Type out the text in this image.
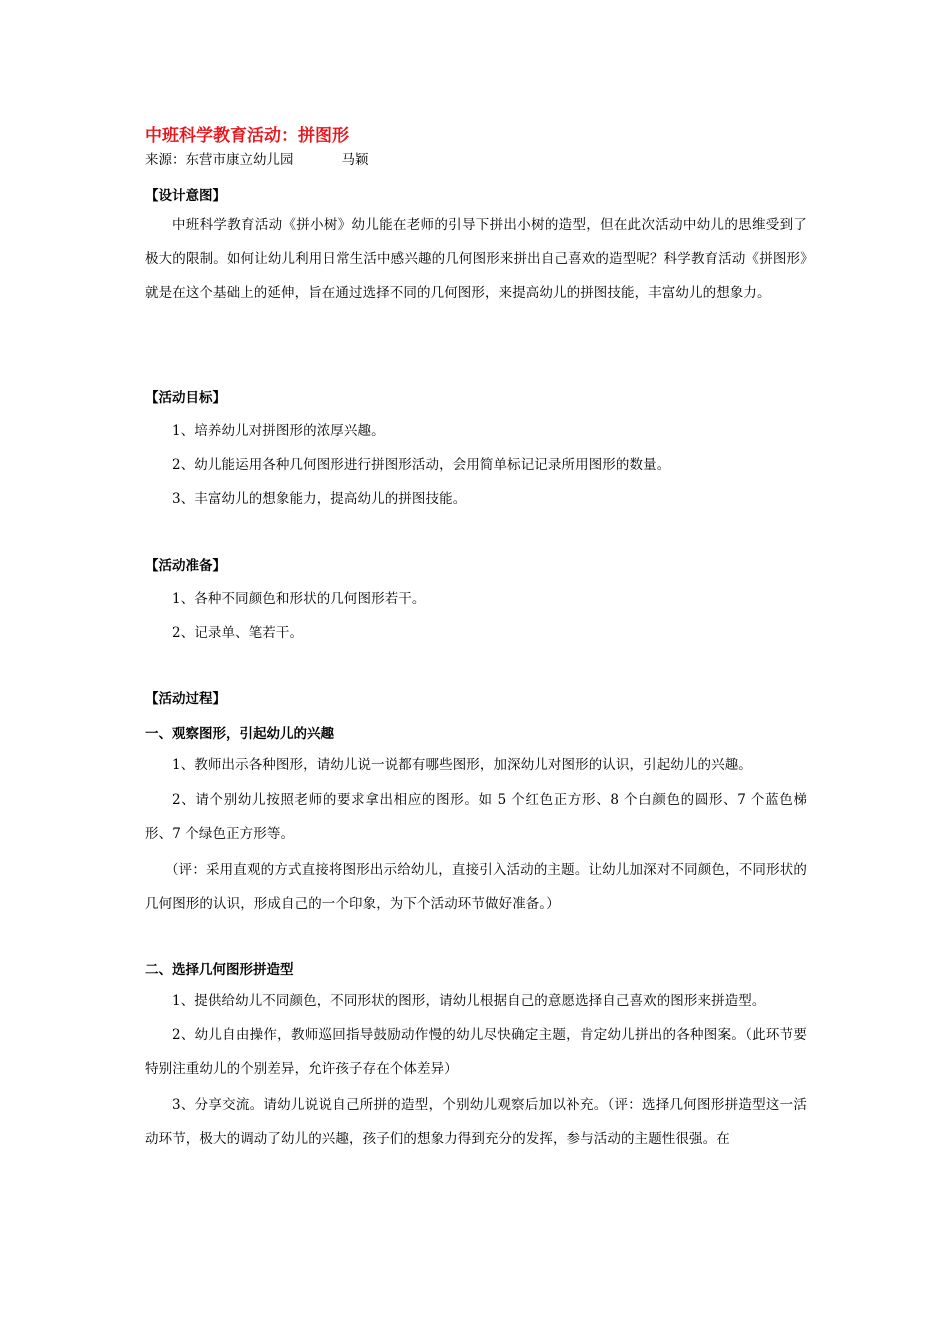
中班科学教育活动：拼图形

来源：东营市康立幼儿园	马颖

【设计意图】

中班科学教育活动《拼小树》幼儿能在老师的引导下拼出小树的造型，但在此次活动中幼儿的思维受到了极大的限制。如何让幼儿利用日常生活中感兴趣的几何图形来拼出自己喜欢的造型呢？科学教育活动《拼图形》就是在这个基础上的延伸，旨在通过选择不同的几何图形，来提高幼儿的拼图技能，丰富幼儿的想象力。

【活动目标】

1、培养幼儿对拼图形的浓厚兴趣。

2、幼儿能运用各种几何图形进行拼图形活动，会用简单标记记录所用图形的数量。

3、丰富幼儿的想象能力，提高幼儿的拼图技能。

【活动准备】

1、各种不同颜色和形状的几何图形若干。

2、记录单、笔若干。

【活动过程】

一、观察图形，引起幼儿的兴趣

1、教师出示各种图形，请幼儿说一说都有哪些图形，加深幼儿对图形的认识，引起幼儿的兴趣。

2、请个别幼儿按照老师的要求拿出相应的图形。如 5 个红色正方形、8 个白颜色的圆形、7 个蓝色梯形、7 个绿色正方形等。

（评：采用直观的方式直接将图形出示给幼儿，直接引入活动的主题。让幼儿加深对不同颜色，不同形状的几何图形的认识，形成自己的一个印象，为下个活动环节做好准备。）

二、选择几何图形拼造型

1、提供给幼儿不同颜色，不同形状的图形，请幼儿根据自己的意愿选择自己喜欢的图形来拼造型。

2、幼儿自由操作，教师巡回指导鼓励动作慢的幼儿尽快确定主题，肯定幼儿拼出的各种图案。（此环节要特别注重幼儿的个别差异，允许孩子存在个体差异）

3、分享交流。请幼儿说说自己所拼的造型，个别幼儿观察后加以补充。（评：选择几何图形拼造型这一活动环节，极大的调动了幼儿的兴趣，孩子们的想象力得到充分的发挥，参与活动的主题性很强。在
